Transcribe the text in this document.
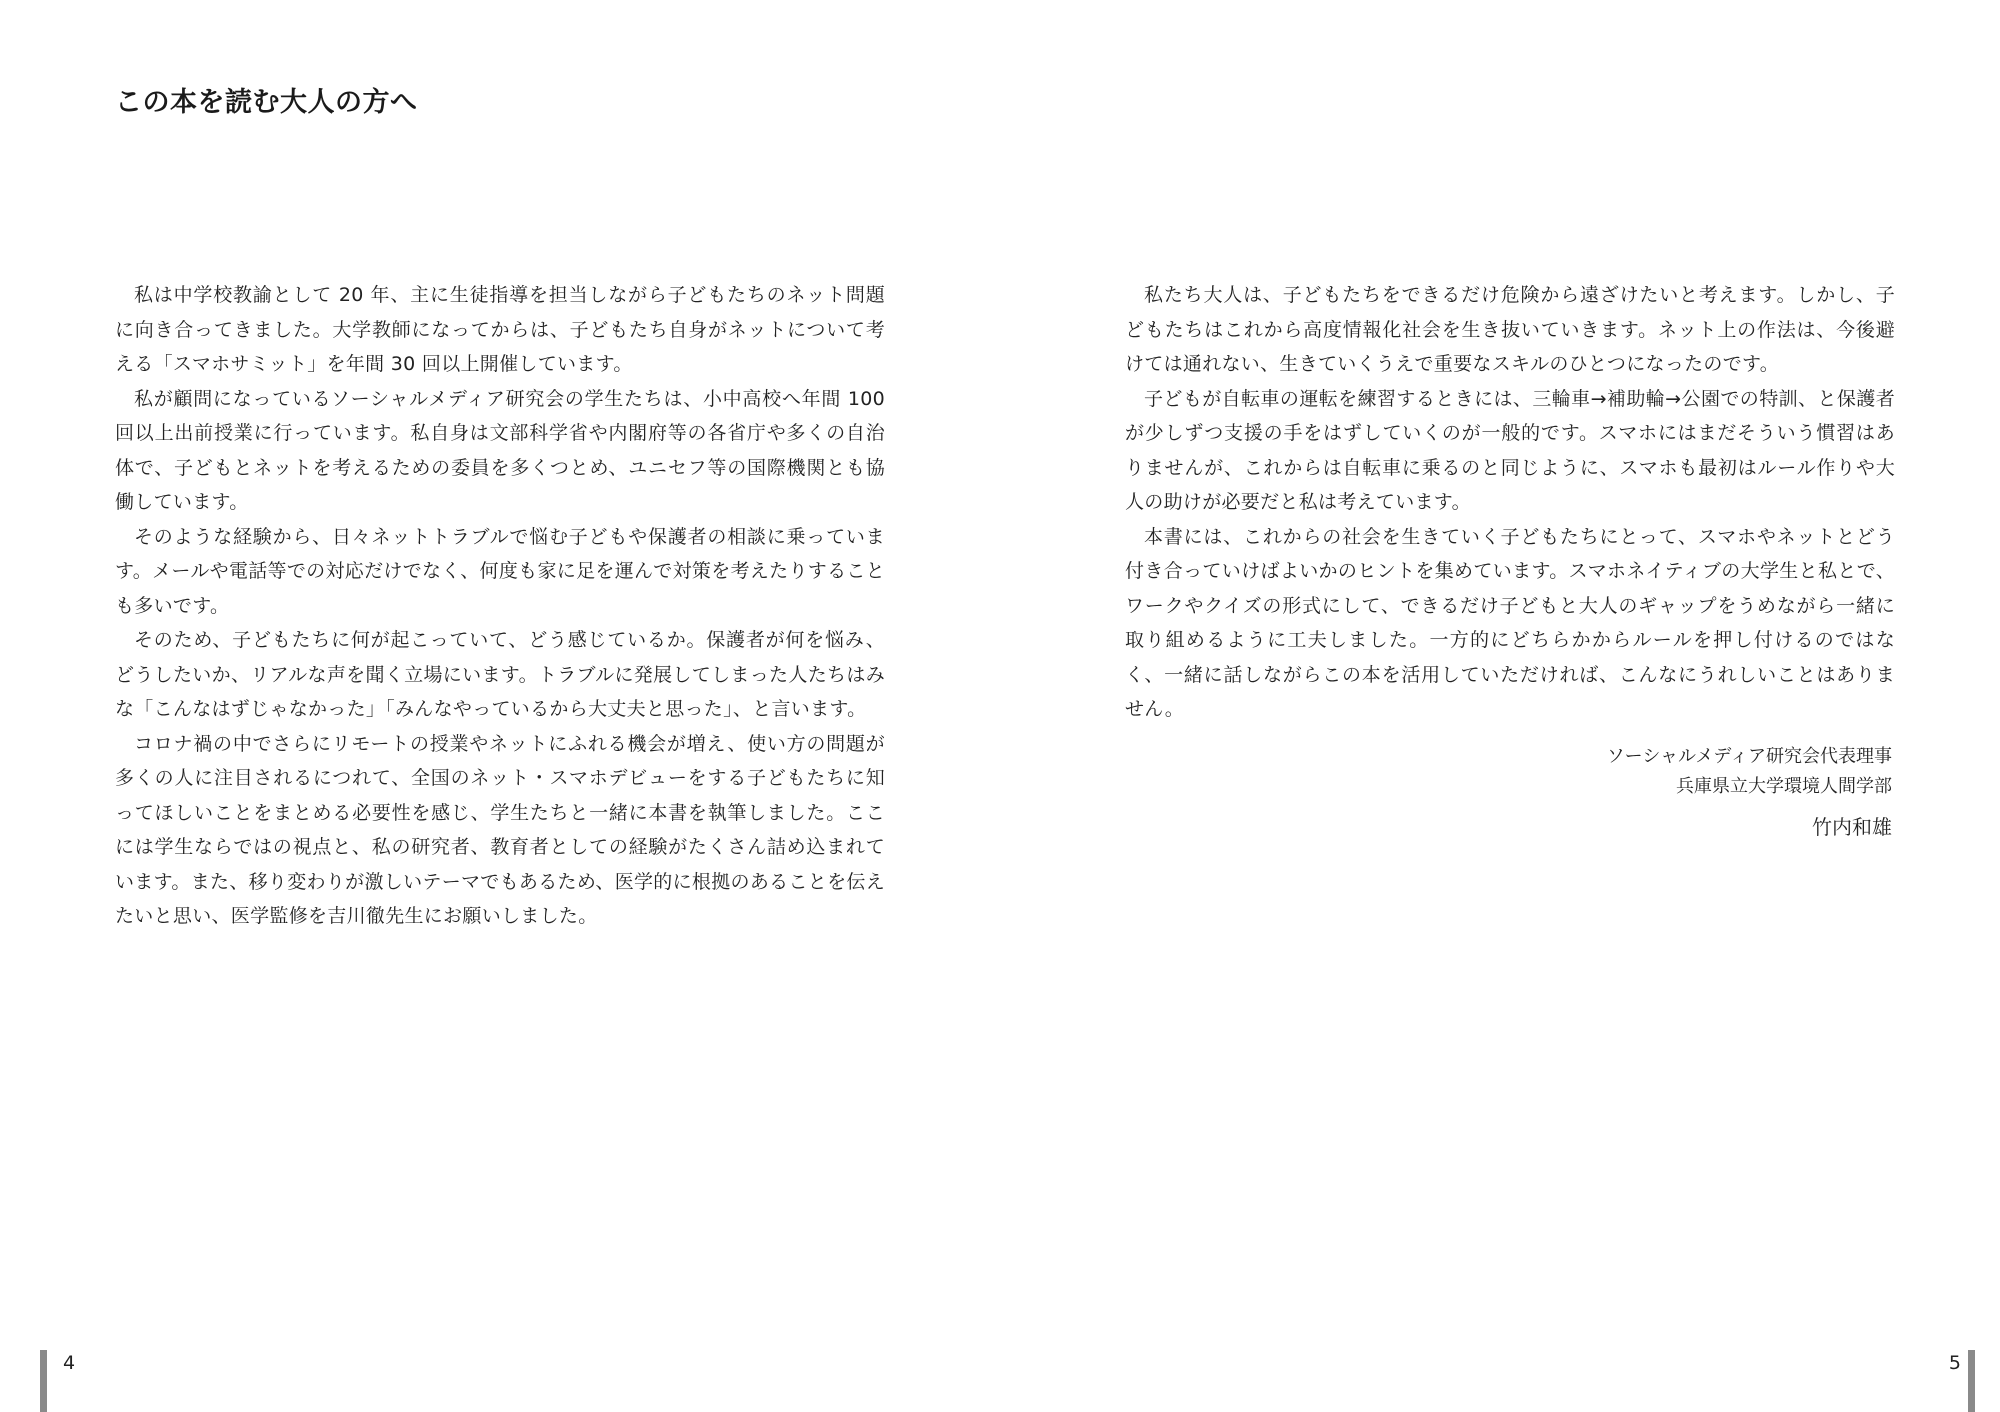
この本を読む大人の方へ

私は中学校教諭として 20 年、主に生徒指導を担当しながら子どもたちのネット問題に向き合ってきました。大学教師になってからは、子どもたち自身がネットについて考える「スマホサミット」を年間 30 回以上開催しています。

私が顧問になっているソーシャルメディア研究会の学生たちは、小中高校へ年間 100 回以上出前授業に行っています。私自身は文部科学省や内閣府等の各省庁や多くの自治体で、子どもとネットを考えるための委員を多くつとめ、ユニセフ等の国際機関とも協働しています。

そのような経験から、日々ネットトラブルで悩む子どもや保護者の相談に乗っています。メールや電話等での対応だけでなく、何度も家に足を運んで対策を考えたりすることも多いです。

そのため、子どもたちに何が起こっていて、どう感じているか。保護者が何を悩み、どうしたいか、リアルな声を聞く立場にいます。トラブルに発展してしまった人たちはみな「こんなはずじゃなかった」「みんなやっているから大丈夫と思った」、と言います。

コロナ禍の中でさらにリモートの授業やネットにふれる機会が増え、使い方の問題が多くの人に注目されるにつれて、全国のネット・スマホデビューをする子どもたちに知ってほしいことをまとめる必要性を感じ、学生たちと一緒に本書を執筆しました。ここには学生ならではの視点と、私の研究者、教育者としての経験がたくさん詰め込まれています。また、移り変わりが激しいテーマでもあるため、医学的に根拠のあることを伝えたいと思い、医学監修を吉川徹先生にお願いしました。

4

私たち大人は、子どもたちをできるだけ危険から遠ざけたいと考えます。しかし、子どもたちはこれから高度情報化社会を生き抜いていきます。ネット上の作法は、今後避けては通れない、生きていくうえで重要なスキルのひとつになったのです。

子どもが自転車の運転を練習するときには、三輪車→補助輪→公園での特訓、と保護者が少しずつ支援の手をはずしていくのが一般的です。スマホにはまだそういう慣習はありませんが、これからは自転車に乗るのと同じように、スマホも最初はルール作りや大人の助けが必要だと私は考えています。

本書には、これからの社会を生きていく子どもたちにとって、スマホやネットとどう付き合っていけばよいかのヒントを集めています。スマホネイティブの大学生と私とで、ワークやクイズの形式にして、できるだけ子どもと大人のギャップをうめながら一緒に取り組めるように工夫しました。一方的にどちらかからルールを押し付けるのではなく、一緒に話しながらこの本を活用していただければ、こんなにうれしいことはありません。

ソーシャルメディア研究会代表理事
兵庫県立大学環境人間学部
竹内和雄
5
